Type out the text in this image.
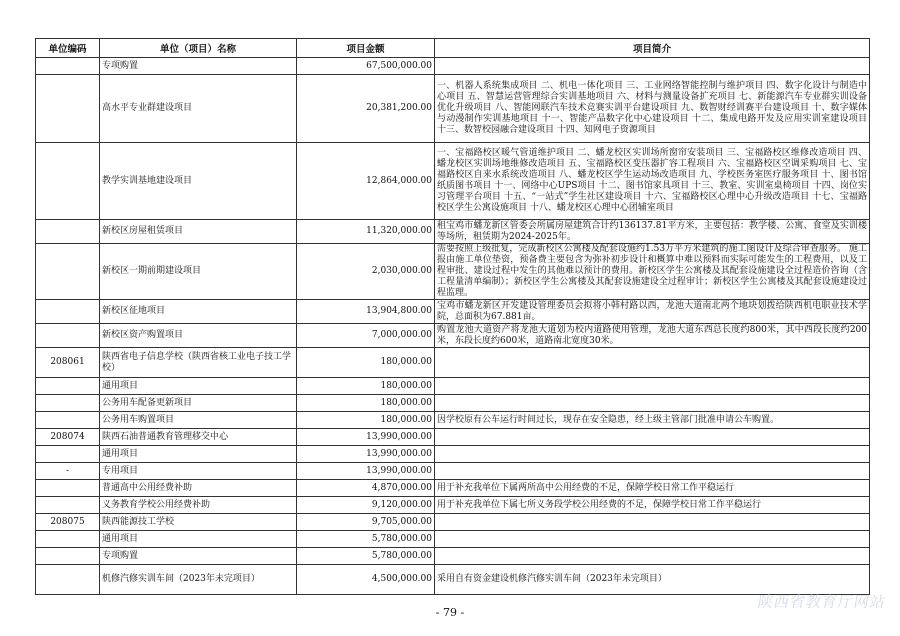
单位编码	单位（项目）名称	项目金额	项目简介
	专项购置	67,500,000.00	
	高水平专业群建设项目	20,381,200.00	一、机器人系统集成项目 二、机电一体化项目 三、工业网络智能控制与维护项目 四、数字化设计与制造中心项目 五、智慧运营管理综合实训基地项目 六、材料与测量设备扩充项目 七、新能源汽车专业群实训设备优化升级项目 八、智能网联汽车技术竞赛实训平台建设项目 九、数智财经训赛平台建设项目 十、数字媒体与动漫制作实训基地项目 十一、智能产品数字化中心建设项目 十二、集成电路开发及应用实训室建设项目 十三、数智校园融合建设项目 十四、知网电子资源项目
	教学实训基地建设项目	12,864,000.00	一、宝福路校区暖气管道维护项目 二、蟠龙校区实训场所窗帘安装项目 三、宝福路校区维修改造项目 四、蟠龙校区实训场地维修改造项目 五、宝福路校区变压器扩容工程项目 六、宝福路校区空调采购项目 七、宝福路校区自来水系统改造项目 八、蟠龙校区学生运动场改造项目 九、学校医务室医疗服务项目 十、图书馆纸质图书项目 十一、网络中心UPS项目 十二、图书馆家具项目 十三、教室、实训室桌椅项目 十四、岗位实习管理平台项目 十五、“一站式”学生社区建设项目 十六、宝福路校区心理中心升级改造项目 十七、宝福路校区学生公寓设施项目 十八、蟠龙校区心理中心团辅室项目
	新校区房屋租赁项目	11,320,000.00	租宝鸡市蟠龙新区管委会所属房屋建筑合计约136137.81平方米，主要包括：教学楼、公寓、食堂及实训楼等场所，租赁期为2024-2025年。
	新校区一期前期建设项目	2,030,000.00	需要按照上级批复，完成新校区公寓楼及配套设施约1.53万平方米建筑的施工图设计及综合审查服务。 施工报由施工单位垫资，预备费主要包含为弥补初步设计和概算中难以预料而实际可能发生的工程费用，以及工程审批、建设过程中发生的其他难以预计的费用。新校区学生公寓楼及其配套设施建设全过程造价咨询（含工程量清单编制）；新校区学生公寓楼及其配套设施建设全过程审计；新校区学生公寓楼及其配套设施建设过程监理。
	新校区征地项目	13,904,800.00	宝鸡市蟠龙新区开发建设管理委员会拟将小韩村路以西，龙池大道南北两个地块划拨给陕西机电职业技术学院，总面积为67.881亩。
	新校区资产购置项目	7,000,000.00	购置龙池大道资产将龙池大道划为校内道路使用管理，龙池大道东西总长度约800米，其中西段长度约200米，东段长度约600米，道路南北宽度30米。
208061	陕西省电子信息学校（陕西省核工业电子技工学校）	180,000.00	
	通用项目	180,000.00	
	公务用车配备更新项目	180,000.00	
	公务用车购置项目	180,000.00	因学校原有公车运行时间过长，现存在安全隐患，经上级主管部门批准申请公车购置。
208074	陕西石油普通教育管理移交中心	13,990,000.00	
	通用项目	13,990,000.00	
-	专用项目	13,990,000.00	
	普通高中公用经费补助	4,870,000.00	用于补充我单位下属两所高中公用经费的不足，保障学校日常工作平稳运行
	义务教育学校公用经费补助	9,120,000.00	用于补充我单位下属七所义务段学校公用经费的不足，保障学校日常工作平稳运行
208075	陕西能源技工学校	9,705,000.00	
	通用项目	5,780,000.00	
	专项购置	5,780,000.00	
	机修汽修实训车间（2023年未完项目）	4,500,000.00	采用自有资金建设机修汽修实训车间（2023年未完项目）
- 79 -
陕西省教育厅网站
